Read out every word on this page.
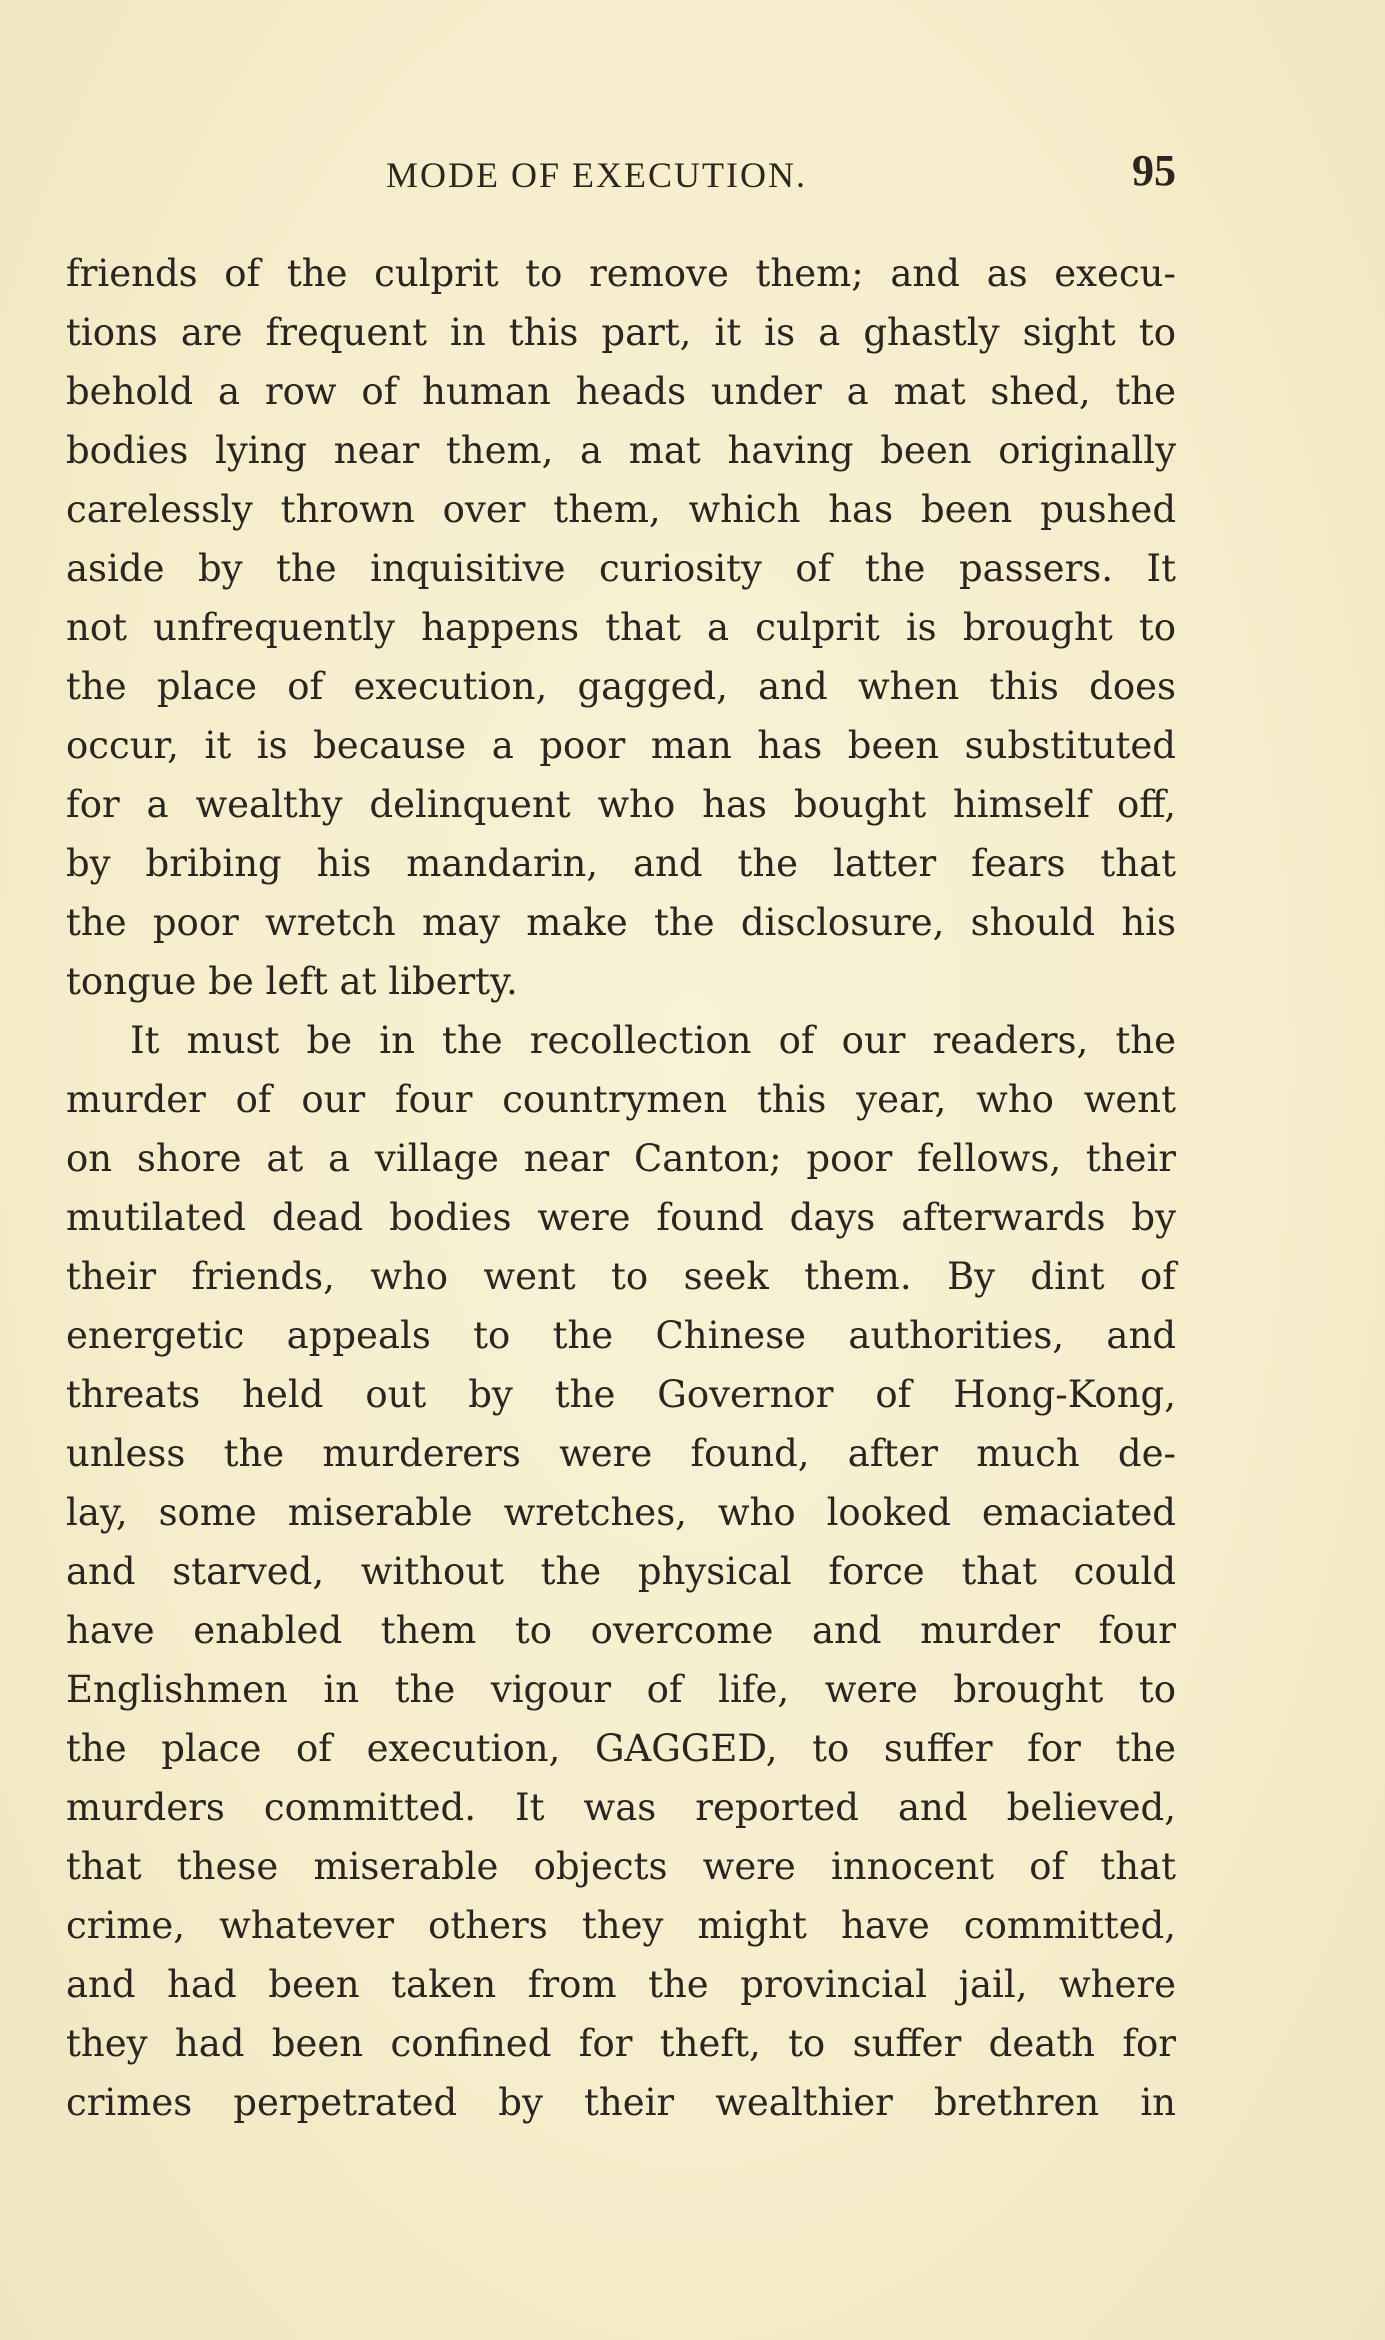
MODE OF EXECUTION.	95
friends of the culprit to remove them; and as execu-
tions are frequent in this part, it is a ghastly sight to
behold a row of human heads under a mat shed, the
bodies lying near them, a mat having been originally
carelessly thrown over them, which has been pushed
aside by the inquisitive curiosity of the passers. It
not unfrequently happens that a culprit is brought to
the place of execution, gagged, and when this does
occur, it is because a poor man has been substituted
for a wealthy delinquent who has bought himself off,
by bribing his mandarin, and the latter fears that
the poor wretch may make the disclosure, should his
tongue be left at liberty.
It must be in the recollection of our readers, the
murder of our four countrymen this year, who went
on shore at a village near Canton; poor fellows, their
mutilated dead bodies were found days afterwards by
their friends, who went to seek them. By dint of
energetic appeals to the Chinese authorities, and
threats held out by the Governor of Hong-Kong,
unless the murderers were found, after much de-
lay, some miserable wretches, who looked emaciated
and starved, without the physical force that could
have enabled them to overcome and murder four
Englishmen in the vigour of life, were brought to
the place of execution, GAGGED, to suffer for the
murders committed. It was reported and believed,
that these miserable objects were innocent of that
crime, whatever others they might have committed,
and had been taken from the provincial jail, where
they had been confined for theft, to suffer death for
crimes perpetrated by their wealthier brethren in
